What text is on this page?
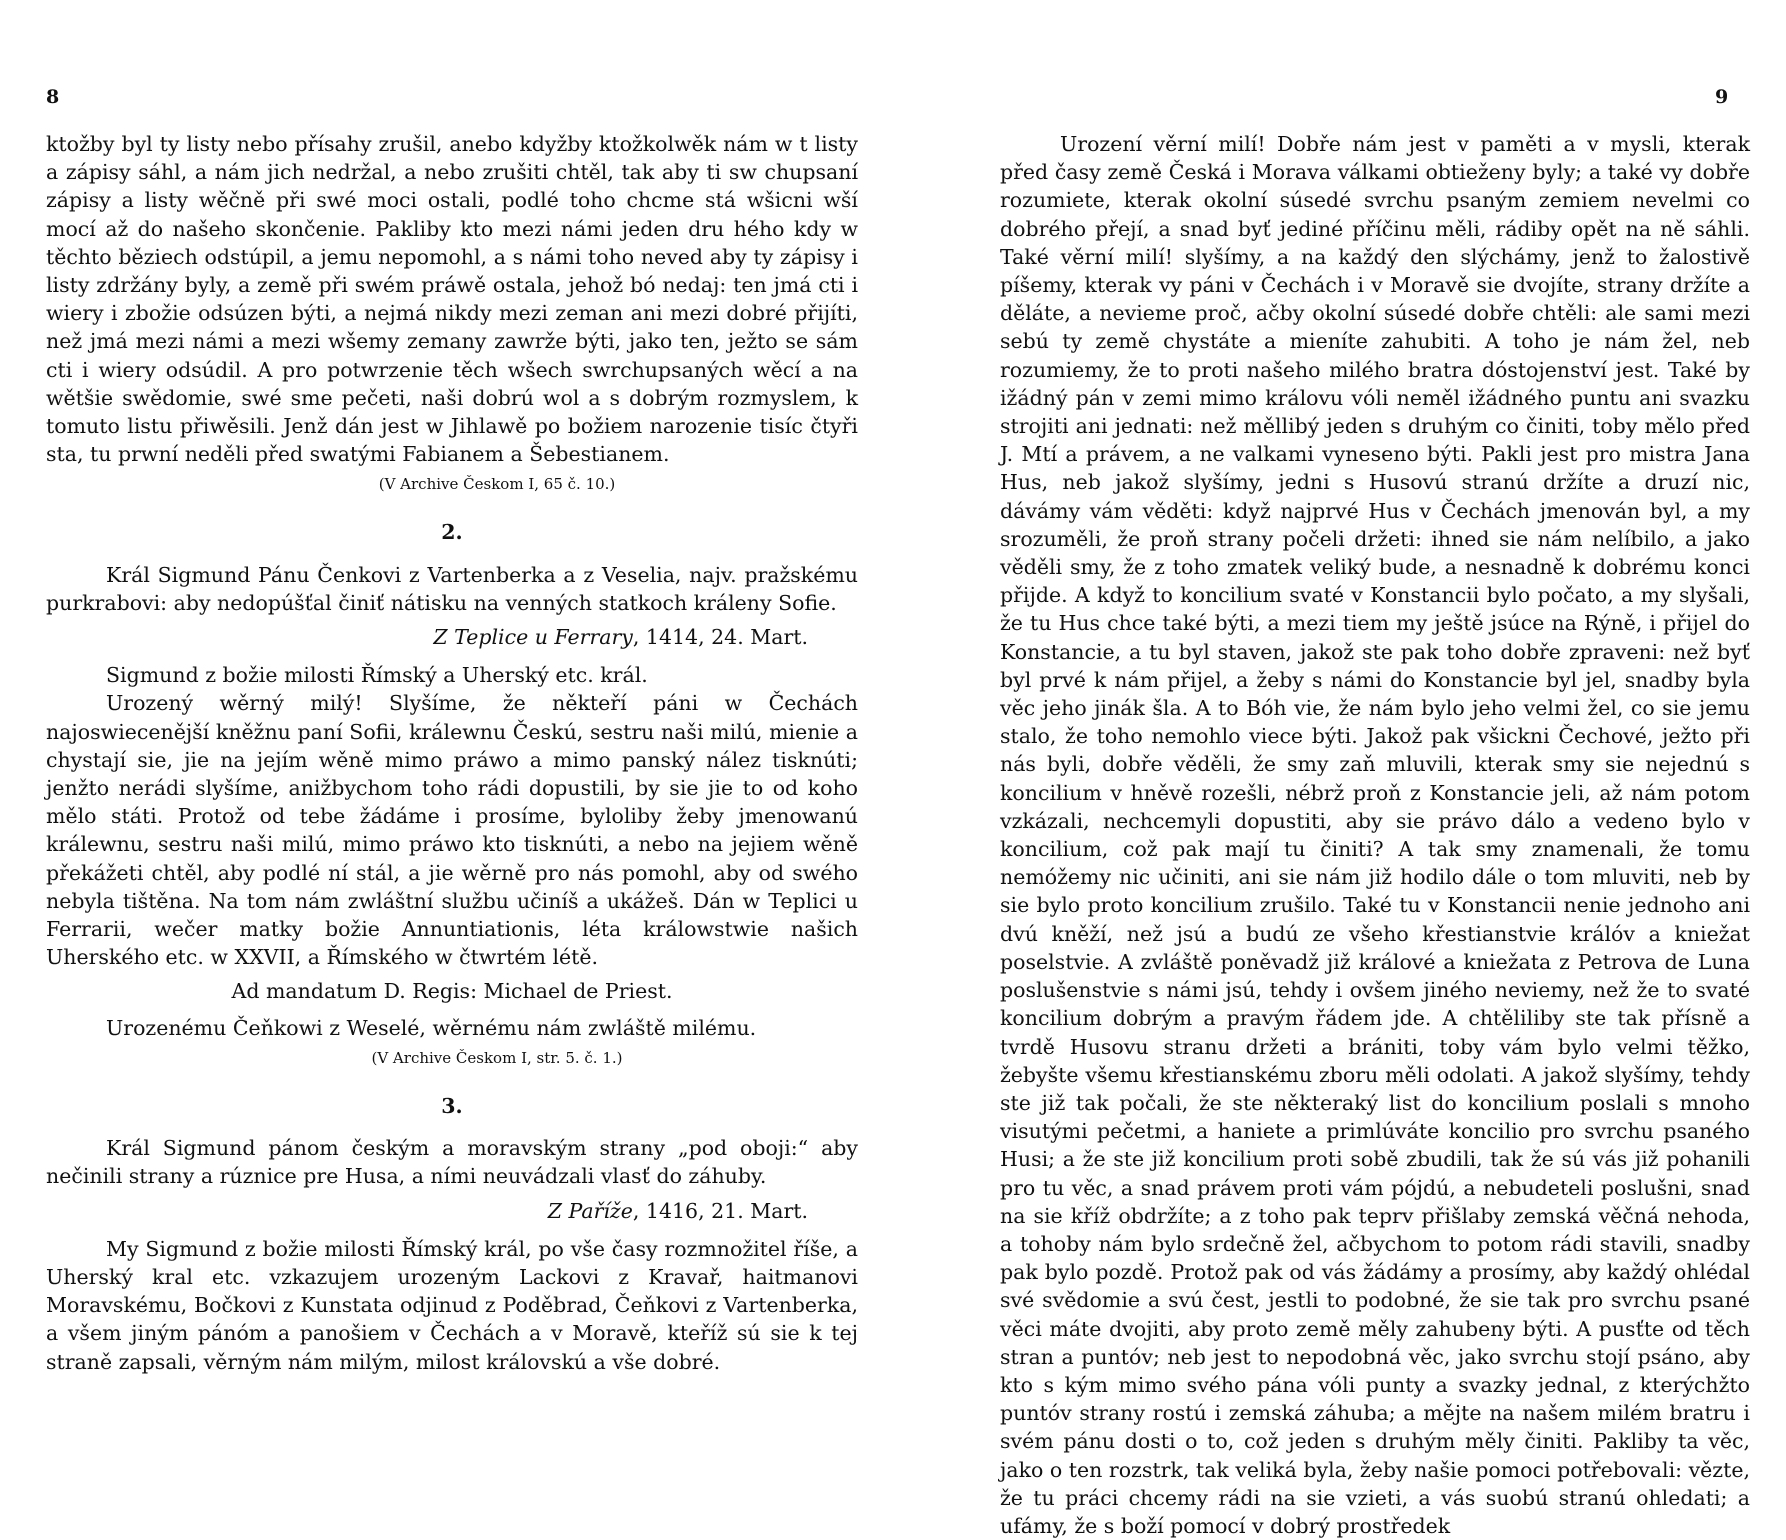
8

ktožby byl ty listy nebo přísahy zrušil, anebo kdyžby ktožkolwěk nám w t listy a zápisy sáhl, a nám jich nedržal, a nebo zrušiti chtěl, tak aby ti sw chupsaní zápisy a listy wěčně při swé moci ostali, podlé toho chcme stá wšicni wší mocí až do našeho skončenie. Pakliby kto mezi námi jeden dru hého kdy w těchto běziech odstúpil, a jemu nepomohl, a s námi toho neved aby ty zápisy i listy zdržány byly, a země při swém práwě ostala, jehož bó nedaj: ten jmá cti i wiery i zbožie odsúzen býti, a nejmá nikdy mezi zeman ani mezi dobré přijíti, než jmá mezi námi a mezi wšemy zemany zawrže býti, jako ten, ježto se sám cti i wiery odsúdil. A pro potwrzenie těch wšech swrchupsaných wěcí a na wětšie swědomie, swé sme pečeti, naši dobrú wol a s dobrým rozmyslem, k tomuto listu přiwěsili. Jenž dán jest w Jihlawě po božiem narozenie tisíc čtyři sta, tu prwní neděli před swatými Fabianem a Šebestianem.

(V Archive Českom I, 65 č. 10.)

2.

Král Sigmund Pánu Čenkovi z Vartenberka a z Veselia, najv. pražskému purkrabovi: aby nedopúšťal činiť nátisku na venných statkoch králeny Sofie.

Z Teplice u Ferrary, 1414, 24. Mart.

Sigmund z božie milosti Římský a Uherský etc. král.

Urozený wěrný milý! Slyšíme, že někteří páni w Čechách najoswiecenější kněžnu paní Sofii, králewnu Českú, sestru naši milú, mienie a chystají sie, jie na jejím wěně mimo práwo a mimo panský nález tisknúti; jenžto nerádi slyšíme, anižbychom toho rádi dopustili, by sie jie to od koho mělo státi. Protož od tebe žádáme i prosíme, byloliby žeby jmenowanú králewnu, sestru naši milú, mimo práwo kto tisknúti, a nebo na jejiem wěně překážeti chtěl, aby podlé ní stál, a jie wěrně pro nás pomohl, aby od swého nebyla tištěna. Na tom nám zwláštní službu učiníš a ukážeš. Dán w Teplici u Ferrarii, wečer matky božie Annuntiationis, léta králowstwie našich Uherského etc. w XXVII, a Římského w čtwrtém létě.

Ad mandatum D. Regis: Michael de Priest.

Urozenému Čeňkowi z Weselé, wěrnému nám zwláště milému.

(V Archive Českom I, str. 5. č. 1.)

3.

Král Sigmund pánom českým a moravským strany „pod oboji:“ aby nečinili strany a rúznice pre Husa, a ními neuvádzali vlasť do záhuby.

Z Paříže, 1416, 21. Mart.

My Sigmund z božie milosti Římský král, po vše časy rozmnožitel říše, a Uherský kral etc. vzkazujem urozeným Lackovi z Kravař, haitmanovi Moravskému, Bočkovi z Kunstata odjinud z Poděbrad, Čeňkovi z Vartenberka, a všem jiným pánóm a panošiem v Čechách a v Moravě, kteříž sú sie k tej straně zapsali, věrným nám milým, milost královskú a vše dobré.

9

Urození věrní milí! Dobře nám jest v paměti a v mysli, kterak před časy země Česká i Morava válkami obtieženy byly; a také vy dobře rozumiete, kterak okolní súsedé svrchu psaným zemiem nevelmi co dobrého přejí, a snad byť jediné příčinu měli, rádiby opět na ně sáhli. Také věrní milí! slyšímy, a na každý den slýchámy, jenž to žalostivě píšemy, kterak vy páni v Čechách i v Moravě sie dvojíte, strany držíte a děláte, a nevieme proč, ačby okolní súsedé dobře chtěli: ale sami mezi sebú ty země chystáte a mieníte zahubiti. A toho je nám žel, neb rozumiemy, že to proti našeho milého bratra dóstojenství jest. Také by ižádný pán v zemi mimo královu vóli neměl ižádného puntu ani svazku strojiti ani jednati: než měllibý jeden s druhým co činiti, toby mělo před J. Mtí a právem, a ne valkami vyneseno býti. Pakli jest pro mistra Jana Hus, neb jakož slyšímy, jedni s Husovú stranú držíte a druzí nic, dávámy vám věděti: když najprvé Hus v Čechách jmenován byl, a my srozuměli, že proň strany počeli držeti: ihned sie nám nelíbilo, a jako věděli smy, že z toho zmatek veliký bude, a nesnadně k dobrému konci přijde. A když to koncilium svaté v Konstancii bylo počato, a my slyšali, že tu Hus chce také býti, a mezi tiem my ještě jsúce na Rýně, i přijel do Konstancie, a tu byl staven, jakož ste pak toho dobře zpraveni: než byť byl prvé k nám přijel, a žeby s námi do Konstancie byl jel, snadby byla věc jeho jinák šla. A to Bóh vie, že nám bylo jeho velmi žel, co sie jemu stalo, že toho nemohlo viece býti. Jakož pak všickni Čechové, ježto při nás byli, dobře věděli, že smy zaň mluvili, kterak smy sie nejednú s koncilium v hněvě rozešli, nébrž proň z Konstancie jeli, až nám potom vzkázali, nechcemyli dopustiti, aby sie právo dálo a vedeno bylo v koncilium, což pak mají tu činiti? A tak smy znamenali, že tomu nemóžemy nic učiniti, ani sie nám již hodilo dále o tom mluviti, neb by sie bylo proto koncilium zrušilo. Také tu v Konstancii nenie jednoho ani dvú kněží, než jsú a budú ze všeho křestianstvie králóv a kniežat poselstvie. A zvláště poněvadž již králové a kniežata z Petrova de Luna poslušenstvie s námi jsú, tehdy i ovšem jiného neviemy, než že to svaté koncilium dobrým a pravým řádem jde. A chtěliliby ste tak přísně a tvrdě Husovu stranu držeti a brániti, toby vám bylo velmi těžko, žebyšte všemu křestianskému zboru měli odolati. A jakož slyšímy, tehdy ste již tak počali, že ste některaký list do koncilium poslali s mnoho visutými pečetmi, a haniete a primlúváte koncilio pro svrchu psaného Husi; a že ste již koncilium proti sobě zbudili, tak že sú vás již pohanili pro tu věc, a snad právem proti vám pójdú, a nebudeteli poslušni, snad na sie kříž obdržíte; a z toho pak teprv přišlaby zemská věčná nehoda, a tohoby nám bylo srdečně žel, ačbychom to potom rádi stavili, snadby pak bylo pozdě. Protož pak od vás žádámy a prosímy, aby každý ohlédal své svědomie a svú čest, jestli to podobné, že sie tak pro svrchu psané věci máte dvojiti, aby proto země měly zahubeny býti. A pusťte od těch stran a puntóv; neb jest to nepodobná věc, jako svrchu stojí psáno, aby kto s kým mimo svého pána vóli punty a svazky jednal, z kterýchžto puntóv strany rostú i zemská záhuba; a mějte na našem milém bratru i svém pánu dosti o to, což jeden s druhým měly činiti. Pakliby ta věc, jako o ten rozstrk, tak veliká byla, žeby našie pomoci potřebovali: vězte, že tu práci chcemy rádi na sie vzieti, a vás suobú stranú ohledati; a ufámy, že s boží pomocí v dobrý prostředek
